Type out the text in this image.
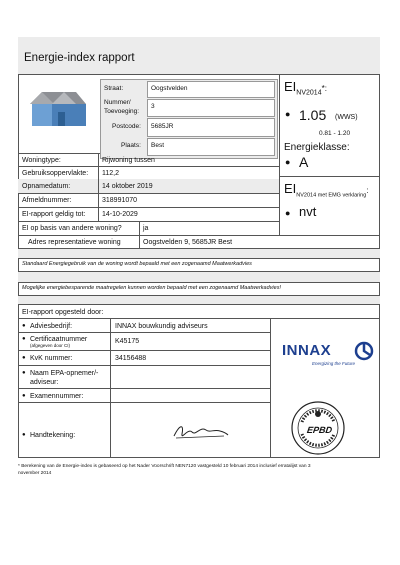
Energie-index rapport
Straat:	Oogstvelden
Nummer/
Toevoeging:
3
Postcode: 5685JR
Plaats: Best
$EI_{NV2014}*$:
● 1.05 (WWS)
0.81 - 1.20
Energieklasse:
● A
$EI_{NV2014 met EMG verklaring}$:
● nvt
Woningtype:	Rijwoning tussen
Gebruiksoppervlakte: 112,2
Opnamedatum:	14 oktober 2019
Afmeldnummer:	318991070
EI-rapport geldig tot: 14-10-2029
EI op basis van andere woning?	ja
Adres representatieve woning	Oogstvelden 9, 5685JR Best
Standaard Energiegebruik van de woning wordt bepaald met een zogenaamd Maatwerkadvies
Mogelijke energiebesparende maatregelen kunnen worden bepaald met een zogenaamd Maatwerkadvies!
EI-rapport opgesteld door:
● Adviesbedrijf:	INNAX bouwkundig adviseurs
● Certificaatnummer
(afgegeven door CI)
K45175
● KvK nummer:	34156488
● Naam EPA-opnemer/-
adviseur:
● Examennummer:
● Handtekening:
INNAX
Energizing the Future
EPBD
* Berekening van de Energie-index is gebaseerd op het Nader Voorschrift NEN7120 vastgesteld 10 februari 2014 inclusief erratalijst van 3
november 2014
